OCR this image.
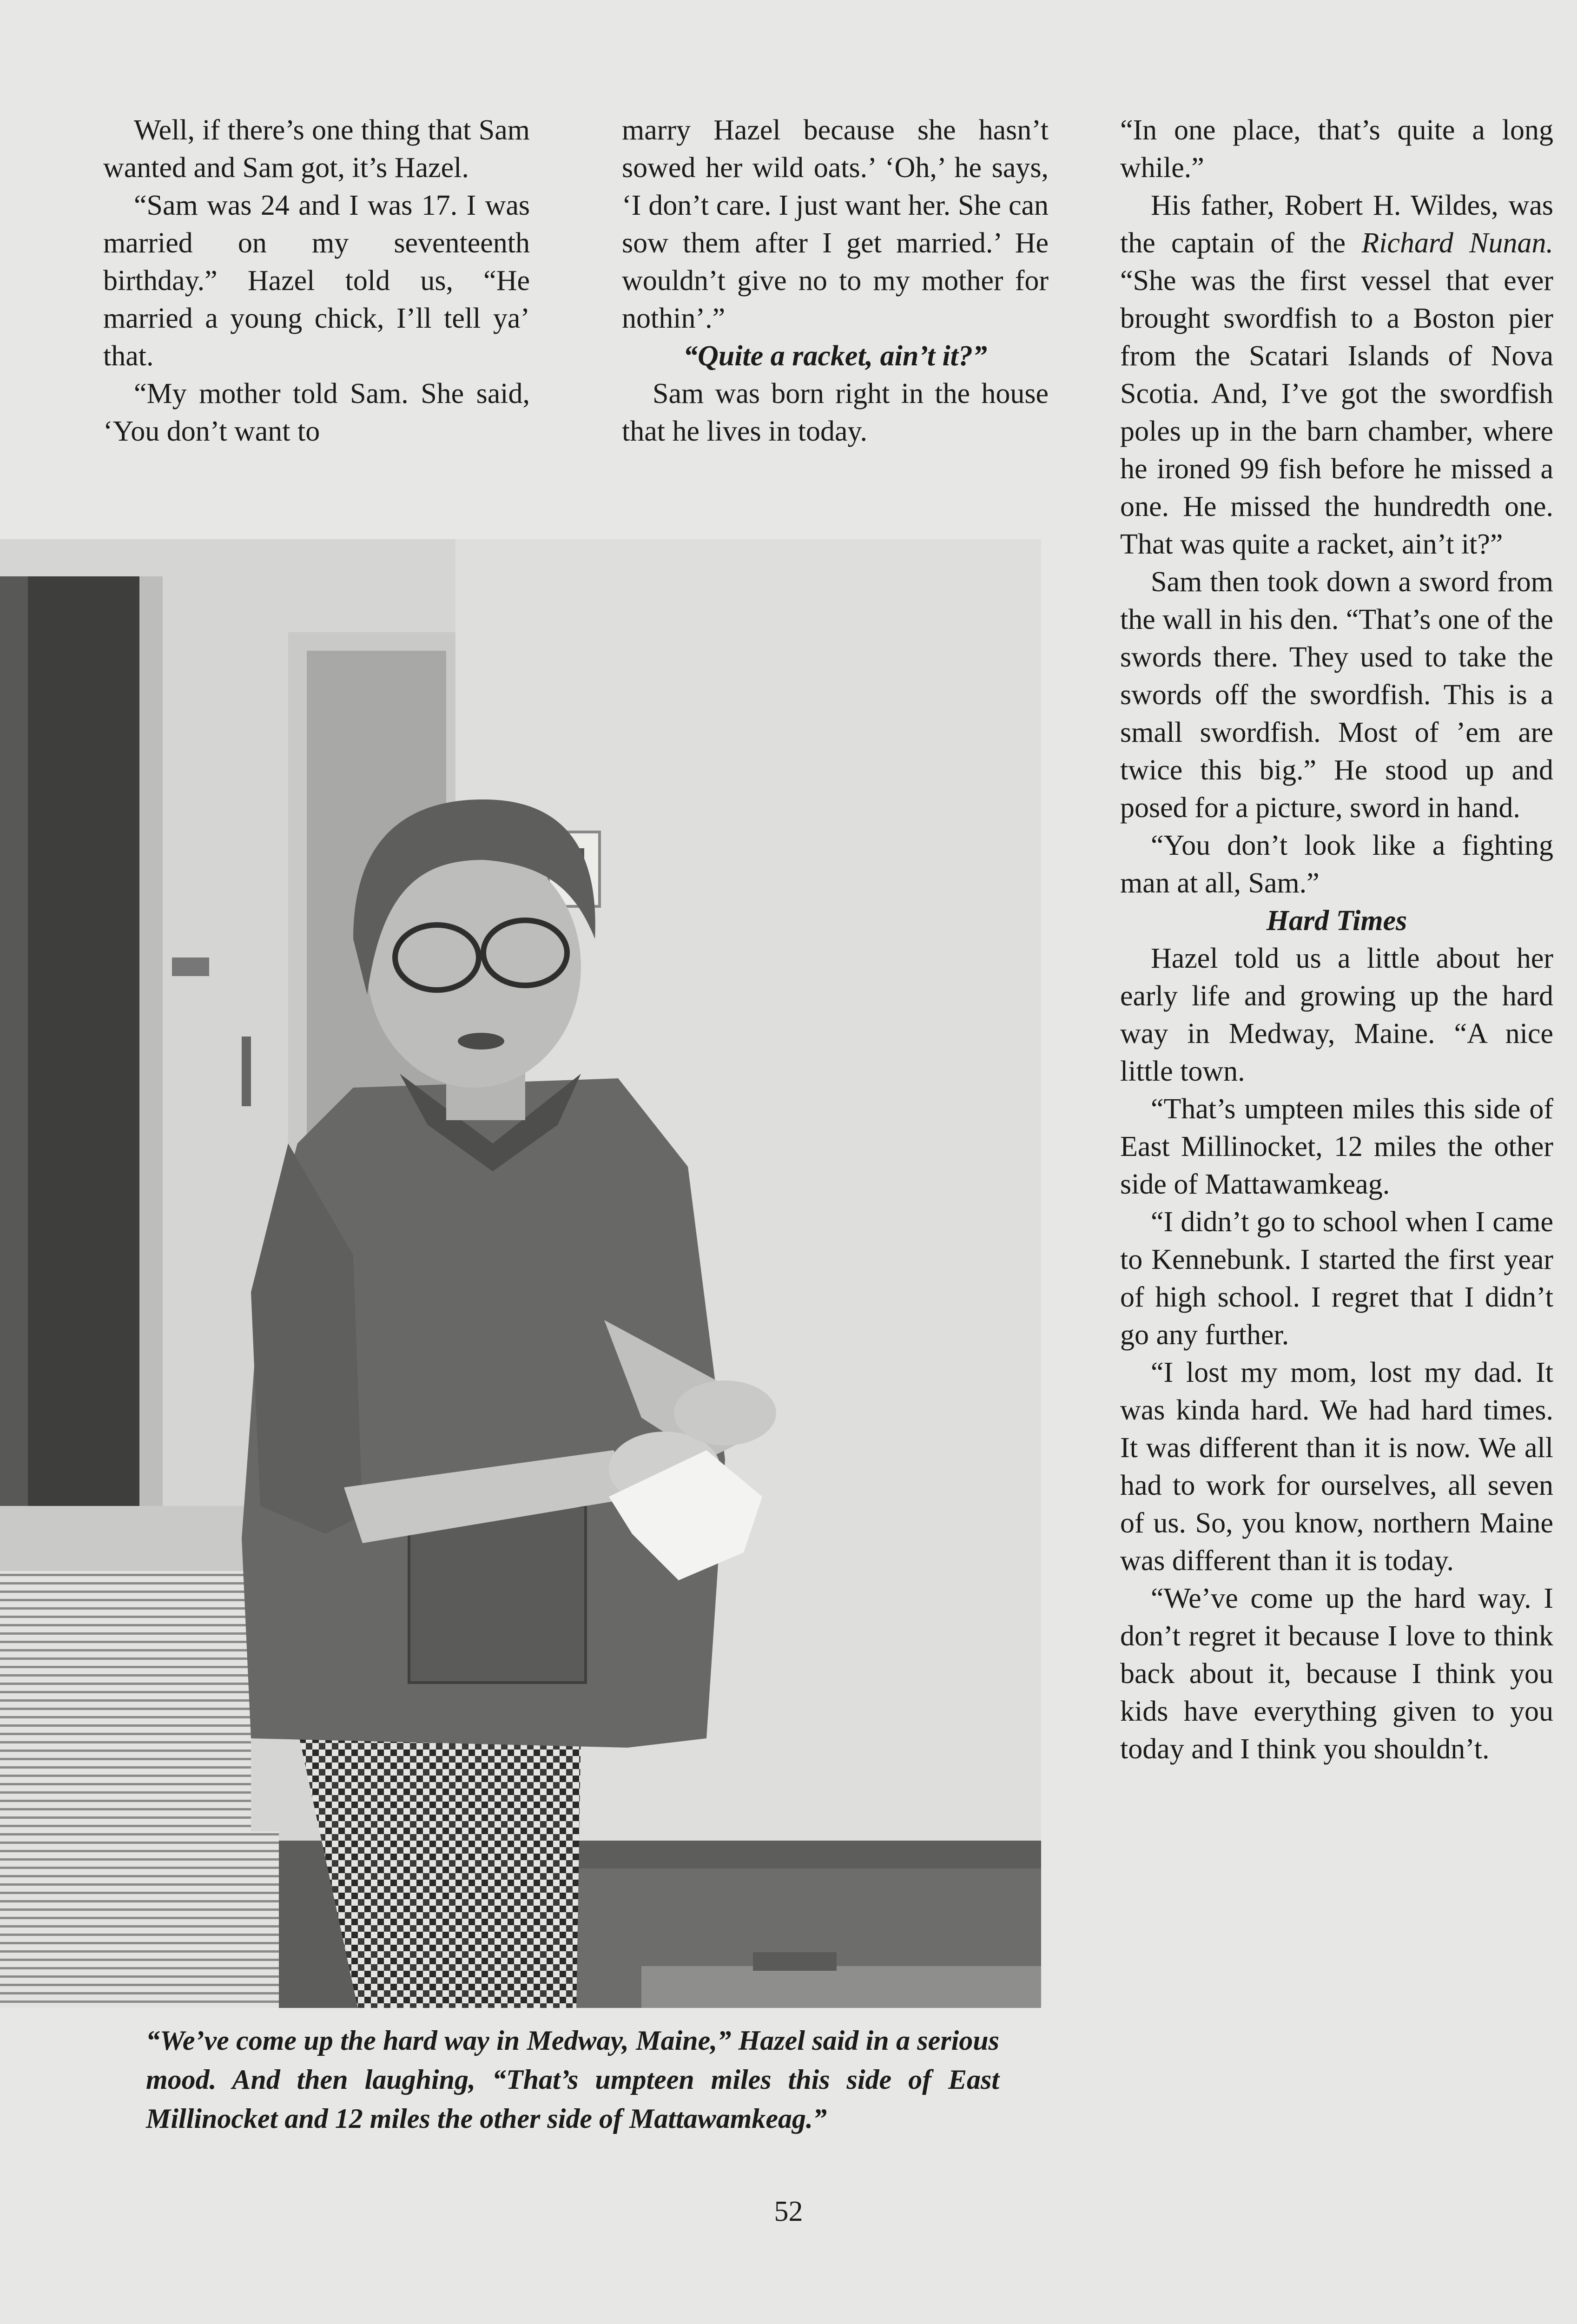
Well, if there’s one thing that Sam wanted and Sam got, it’s Hazel.

“Sam was 24 and I was 17. I was married on my seventeenth birthday.” Hazel told us, “He married a young chick, I’ll tell ya’ that.

“My mother told Sam. She said, ‘You don’t want to

marry Hazel because she hasn’t sowed her wild oats.’ ‘Oh,’ he says, ‘I don’t care. I just want her. She can sow them after I get married.’ He wouldn’t give no to my mother for nothin’.”

“Quite a racket, ain’t it?”

Sam was born right in the house that he lives in today.

“In one place, that’s quite a long while.”

His father, Robert H. Wildes, was the captain of the Richard Nunan. “She was the first vessel that ever brought swordfish to a Boston pier from the Scatari Islands of Nova Scotia. And, I’ve got the swordfish poles up in the barn chamber, where he ironed 99 fish before he missed a one. He missed the hundredth one. That was quite a racket, ain’t it?”

Sam then took down a sword from the wall in his den. “That’s one of the swords there. They used to take the swords off the swordfish. This is a small swordfish. Most of ’em are twice this big.” He stood up and posed for a picture, sword in hand.

“You don’t look like a fighting man at all, Sam.”

Hard Times

Hazel told us a little about her early life and growing up the hard way in Medway, Maine. “A nice little town.

“That’s umpteen miles this side of East Millinocket, 12 miles the other side of Mattawamkeag.

“I didn’t go to school when I came to Kennebunk. I started the first year of high school. I regret that I didn’t go any further.

“I lost my mom, lost my dad. It was kinda hard. We had hard times. It was different than it is now. We all had to work for ourselves, all seven of us. So, you know, northern Maine was different than it is today.

“We’ve come up the hard way. I don’t regret it because I love to think back about it, because I think you kids have everything given to you today and I think you shouldn’t.

“We’ve come up the hard way in Medway, Maine,” Hazel said in a serious mood. And then laughing, “That’s umpteen miles this side of East Millinocket and 12 miles the other side of Mattawamkeag.”

52
